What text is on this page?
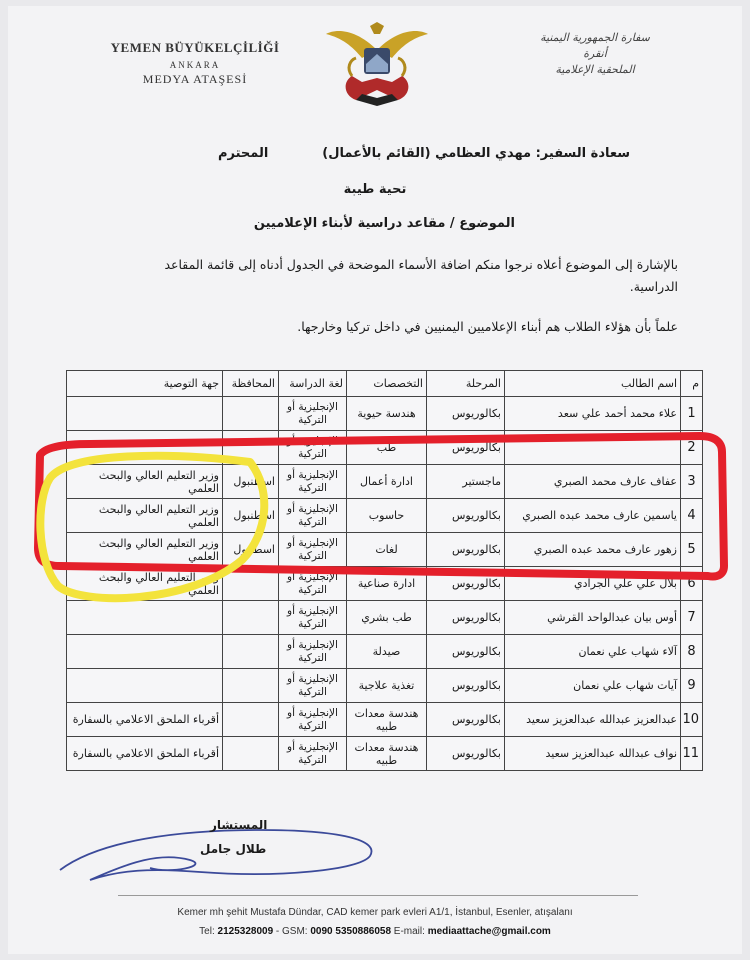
YEMEN BÜYÜKELÇİLİĞİ
ANKARA
MEDYA ATAŞESİ
سفارة الجمهورية اليمنية
أنقرة
الملحقية الإعلامية
سعادة السفير: مهدي العظامي (القائم بالأعمال)
المحترم
تحية طيبة
الموضوع / مقاعد دراسية لأبناء الإعلاميين
بالإشارة إلى الموضوع أعلاه نرجوا منكم اضافة الأسماء الموضحة في الجدول أدناه إلى قائمة المقاعد الدراسية.
علماً بأن هؤلاء الطلاب هم أبناء الإعلاميين اليمنيين في داخل تركيا وخارجها.
م	اسم الطالب	المرحلة	التخصصات	لغة الدراسة	المحافظة	جهة التوصية
1	علاء محمد أحمد علي سعد	بكالوريوس	هندسة حيوية	الإنجليزية أو التركية		
2		بكالوريوس	طب	الإنجليزية أو التركية		
3	عفاف عارف محمد الصبري	ماجستير	ادارة أعمال	الإنجليزية أو التركية	اسطنبول	وزير التعليم العالي والبحث العلمي
4	ياسمين عارف محمد عبده الصبري	بكالوريوس	حاسوب	الإنجليزية أو التركية	اسطنبول	وزير التعليم العالي والبحث العلمي
5	زهور عارف محمد عبده الصبري	بكالوريوس	لغات	الإنجليزية أو التركية	اسطنبول	وزير التعليم العالي والبحث العلمي
6	بلال علي علي الجرادي	بكالوريوس	ادارة صناعية	الإنجليزية أو التركية		وزير التعليم العالي والبحث العلمي
7	أوس بيان عبدالواحد القرشي	بكالوريوس	طب بشري	الإنجليزية أو التركية		
8	آلاء شهاب علي نعمان	بكالوريوس	صيدلة	الإنجليزية أو التركية		
9	آيات شهاب علي نعمان	بكالوريوس	تغذية علاجية	الإنجليزية أو التركية		
10	عبدالعزيز عبدالله عبدالعزيز سعيد	بكالوريوس	هندسة معدات طبيه	الإنجليزية أو التركية		أقرباء الملحق الاعلامي بالسفارة
11	نواف عبدالله عبدالعزيز سعيد	بكالوريوس	هندسة معدات طبيه	الإنجليزية أو التركية		أقرباء الملحق الاعلامي بالسفارة
المستشار
طلال جامل
Kemer mh şehit Mustafa Dündar, CAD kemer park evleri A1/1, İstanbul, Esenler, atışalanı
Tel: 2125328009 - GSM: 0090 5350886058 E-mail: mediaattache@gmail.com
